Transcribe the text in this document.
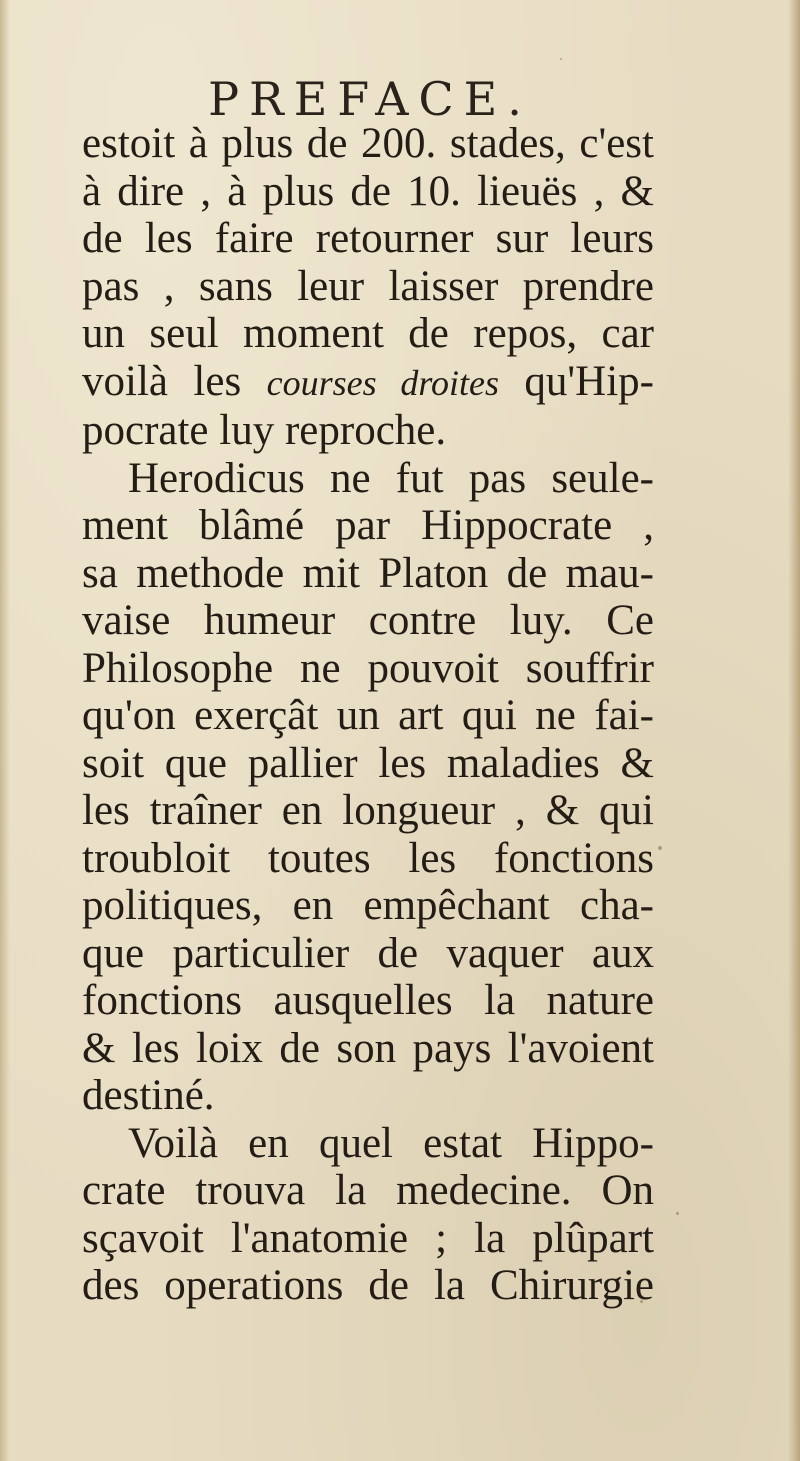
PREFACE.
estoit à plus de 200. stades, c'est
à dire , à plus de 10. lieuës , &
de les faire retourner sur leurs
pas , sans leur laisser prendre
un seul moment de repos, car
voilà les courses droites qu'Hip-
pocrate luy reproche.
Herodicus ne fut pas seule-
ment blâmé par Hippocrate ,
sa methode mit Platon de mau-
vaise humeur contre luy. Ce
Philosophe ne pouvoit souffrir
qu'on exerçât un art qui ne fai-
soit que pallier les maladies &
les traîner en longueur , & qui
troubloit toutes les fonctions
politiques, en empêchant cha-
que particulier de vaquer aux
fonctions ausquelles la nature
& les loix de son pays l'avoient
destiné.
Voilà en quel estat Hippo-
crate trouva la medecine. On
sçavoit l'anatomie ; la plûpart
des operations de la Chirurgie
